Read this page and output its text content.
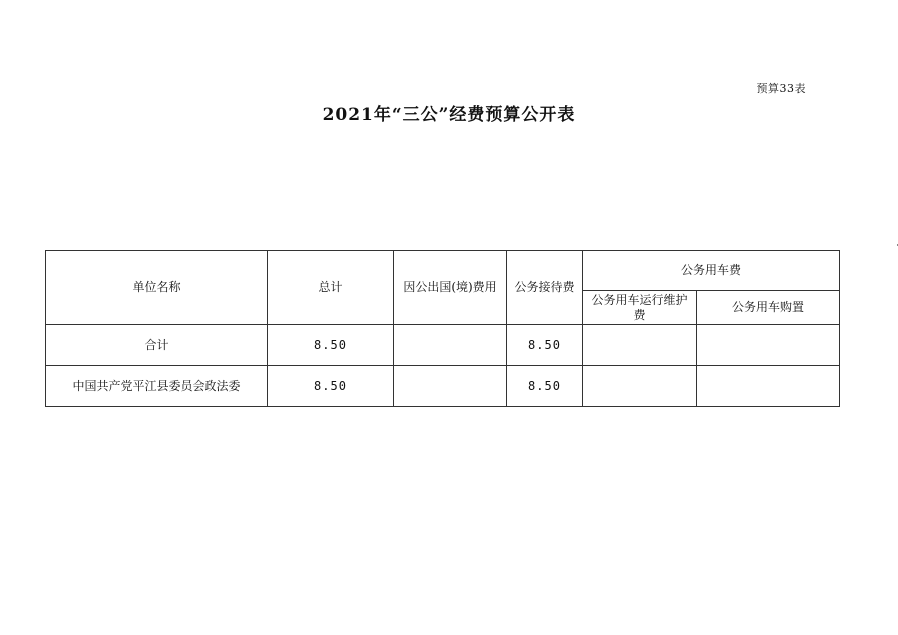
预算33表
2021年“三公”经费预算公开表
单位名称	总计	因公出国(境)费用	公务接待费	公务用车费	
				公务用车运行维护费	公务用车购置
合计	8.50		8.50		
中国共产党平江县委员会政法委	8.50		8.50		
